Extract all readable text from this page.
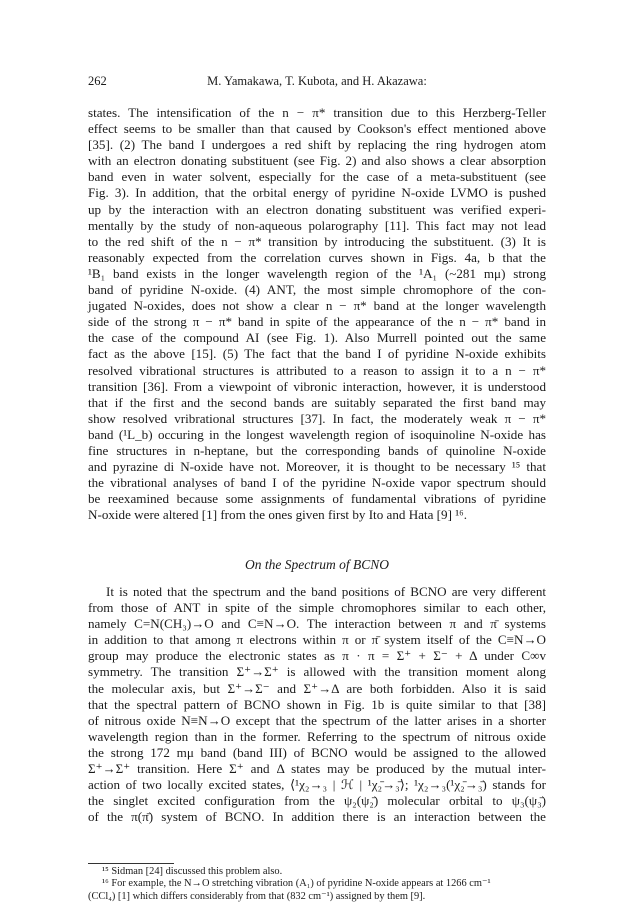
262	M. Yamakawa, T. Kubota, and H. Akazawa:
states. The intensification of the n − π* transition due to this Herzberg-Teller
effect seems to be smaller than that caused by Cookson's effect mentioned above
[35]. (2) The band I undergoes a red shift by replacing the ring hydrogen atom
with an electron donating substituent (see Fig. 2) and also shows a clear absorption
band even in water solvent, especially for the case of a meta-substituent (see
Fig. 3). In addition, that the orbital energy of pyridine N-oxide LVMO is pushed
up by the interaction with an electron donating substituent was verified experi-
mentally by the study of non-aqueous polarography [11]. This fact may not lead
to the red shift of the n − π* transition by introducing the substituent. (3) It is
reasonably expected from the correlation curves shown in Figs. 4a, b that the
¹B₁ band exists in the longer wavelength region of the ¹A₁ (~281 mμ) strong
band of pyridine N-oxide. (4) ANT, the most simple chromophore of the con-
jugated N-oxides, does not show a clear n − π* band at the longer wavelength
side of the strong π − π* band in spite of the appearance of the n − π* band in
the case of the compound AI (see Fig. 1). Also Murrell pointed out the same
fact as the above [15]. (5) The fact that the band I of pyridine N-oxide exhibits
resolved vibrational structures is attributed to a reason to assign it to a n − π*
transition [36]. From a viewpoint of vibronic interaction, however, it is understood
that if the first and the second bands are suitably separated the first band may
show resolved vribrational structures [37]. In fact, the moderately weak π − π*
band (¹L_b) occuring in the longest wavelength region of isoquinoline N-oxide has
fine structures in n-heptane, but the corresponding bands of quinoline N-oxide
and pyrazine di N-oxide have not. Moreover, it is thought to be necessary ¹⁵ that
the vibrational analyses of band I of the pyridine N-oxide vapor spectrum should
be reexamined because some assignments of fundamental vibrations of pyridine
N-oxide were altered [1] from the ones given first by Ito and Hata [9] ¹⁶.
On the Spectrum of BCNO
It is noted that the spectrum and the band positions of BCNO are very different
from those of ANT in spite of the simple chromophores similar to each other,
namely C=N(CH₃)→O and C≡N→O. The interaction between π and π̄ systems
in addition to that among π electrons within π or π̄ system itself of the C≡N→O
group may produce the electronic states as π · π = Σ⁺ + Σ⁻ + Δ under C∞v
symmetry. The transition Σ⁺→Σ⁺ is allowed with the transition moment along
the molecular axis, but Σ⁺→Σ⁻ and Σ⁺→Δ are both forbidden. Also it is said
that the spectral pattern of BCNO shown in Fig. 1b is quite similar to that [38]
of nitrous oxide N≡N→O except that the spectrum of the latter arises in a shorter
wavelength region than in the former. Referring to the spectrum of nitrous oxide
the strong 172 mμ band (band III) of BCNO would be assigned to the allowed
Σ⁺→Σ⁺ transition. Here Σ⁺ and Δ states may be produced by the mutual inter-
action of two locally excited states, ⟨¹χ₂→₃ | ℋ | ¹χ₂̄→₃̄⟩; ¹χ₂→₃(¹χ₂̄→₃̄) stands for
the singlet excited configuration from the ψ₂(ψ₂̄) molecular orbital to ψ₃(ψ₃̄)
of the π(π̄) system of BCNO. In addition there is an interaction between the
¹⁵ Sidman [24] discussed this problem also.
¹⁶ For example, the N→O stretching vibration (A₁) of pyridine N-oxide appears at 1266 cm⁻¹
(CCl₄) [1] which differs considerably from that (832 cm⁻¹) assigned by them [9].
